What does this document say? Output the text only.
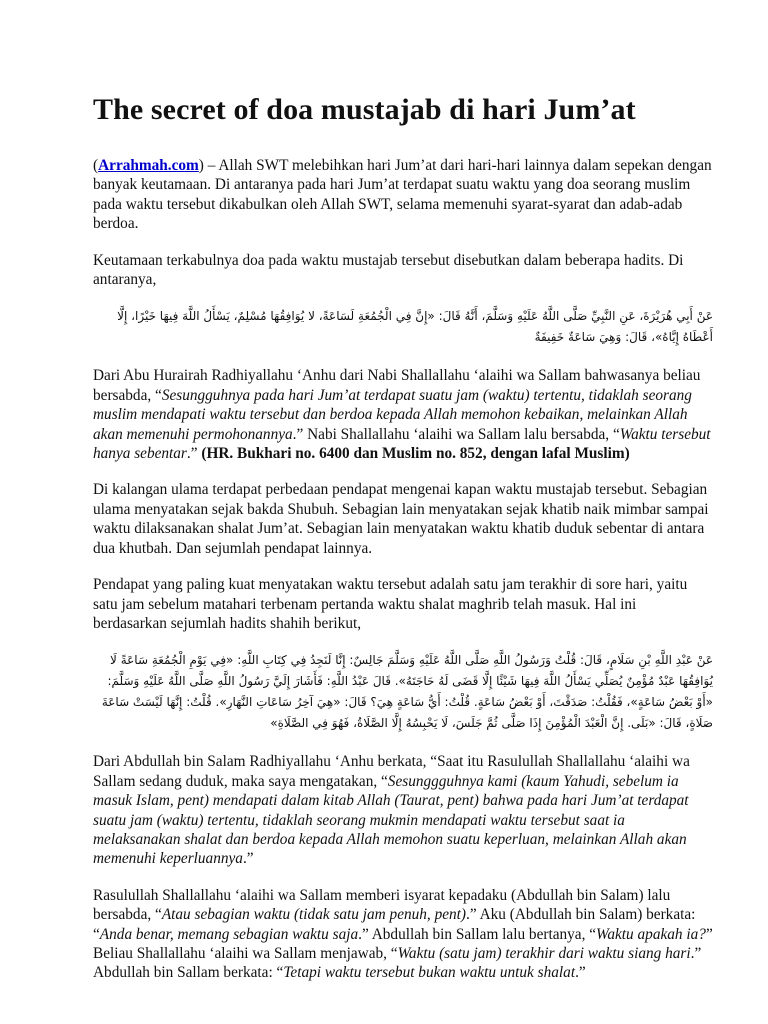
The secret of doa mustajab di hari Jum’at

(Arrahmah.com) – Allah SWT melebihkan hari Jum’at dari hari-hari lainnya dalam sepekan dengan banyak keutamaan. Di antaranya pada hari Jum’at terdapat suatu waktu yang doa seorang muslim pada waktu tersebut dikabulkan oleh Allah SWT, selama memenuhi syarat-syarat dan adab-adab berdoa.

Keutamaan terkabulnya doa pada waktu mustajab tersebut disebutkan dalam beberapa hadits. Di antaranya,

عَنْ أَبِي هُرَيْرَةَ، عَنِ النَّبِيِّ صَلَّى اللَّهُ عَلَيْهِ وَسَلَّمَ، أَنَّهُ قَالَ: «إِنَّ فِي الْجُمُعَةِ لَسَاعَةً، لا يُوَافِقُهَا مُسْلِمٌ، يَسْأَلُ اللَّهَ فِيهَا خَيْرًا، إِلَّا أَعْطَاهُ إِيَّاهُ»، قَالَ: وَهِيَ سَاعَةٌ خَفِيفَةٌ

Dari Abu Hurairah Radhiyallahu ‘Anhu dari Nabi Shallallahu ‘alaihi wa Sallam bahwasanya beliau bersabda, “Sesungguhnya pada hari Jum’at terdapat suatu jam (waktu) tertentu, tidaklah seorang muslim mendapati waktu tersebut dan berdoa kepada Allah memohon kebaikan, melainkan Allah akan memenuhi permohonannya.” Nabi Shallallahu ‘alaihi wa Sallam lalu bersabda, “Waktu tersebut hanya sebentar.” (HR. Bukhari no. 6400 dan Muslim no. 852, dengan lafal Muslim)

Di kalangan ulama terdapat perbedaan pendapat mengenai kapan waktu mustajab tersebut. Sebagian ulama menyatakan sejak bakda Shubuh. Sebagian lain menyatakan sejak khatib naik mimbar sampai waktu dilaksanakan shalat Jum’at. Sebagian lain menyatakan waktu khatib duduk sebentar di antara dua khutbah. Dan sejumlah pendapat lainnya.

Pendapat yang paling kuat menyatakan waktu tersebut adalah satu jam terakhir di sore hari, yaitu satu jam sebelum matahari terbenam pertanda waktu shalat maghrib telah masuk. Hal ini berdasarkan sejumlah hadits shahih berikut,

عَنْ عَبْدِ اللَّهِ بْنِ سَلَامٍ، قَالَ: قُلْتُ وَرَسُولُ اللَّهِ صَلَّى اللَّهُ عَلَيْهِ وَسَلَّمَ جَالِسٌ: إِنَّا لَنَجِدُ فِي كِتَابِ اللَّهِ: «فِي يَوْمِ الْجُمُعَةِ سَاعَةً لَا يُوَافِقُهَا عَبْدٌ مُؤْمِنٌ يُصَلِّي يَسْأَلُ اللَّهَ فِيهَا شَيْئًا إِلَّا قَضَى لَهُ حَاجَتَهُ». قَالَ عَبْدُ اللَّهِ: فَأَشَارَ إِلَيَّ رَسُولُ اللَّهِ صَلَّى اللَّهُ عَلَيْهِ وَسَلَّمَ: «أَوْ بَعْضُ سَاعَةٍ»، فَقُلْتُ: صَدَقْتَ، أَوْ بَعْضُ سَاعَةٍ. قُلْتُ: أَيُّ سَاعَةٍ هِيَ؟ قَالَ: «هِيَ آخِرُ سَاعَاتِ النَّهَارِ». قُلْتُ: إِنَّهَا لَيْسَتْ سَاعَةَ صَلَاةٍ، قَالَ: «بَلَى. إِنَّ الْعَبْدَ الْمُؤْمِنَ إِذَا صَلَّى ثُمَّ جَلَسَ، لَا يَحْبِسُهُ إِلَّا الصَّلَاةُ، فَهُوَ فِي الصَّلَاةِ»

Dari Abdullah bin Salam Radhiyallahu ‘Anhu berkata, “Saat itu Rasulullah Shallallahu ‘alaihi wa Sallam sedang duduk, maka saya mengatakan, “Sesunggguhnya kami (kaum Yahudi, sebelum ia masuk Islam, pent) mendapati dalam kitab Allah (Taurat, pent) bahwa pada hari Jum’at terdapat suatu jam (waktu) tertentu, tidaklah seorang mukmin mendapati waktu tersebut saat ia melaksanakan shalat dan berdoa kepada Allah memohon suatu keperluan, melainkan Allah akan memenuhi keperluannya.”

Rasulullah Shallallahu ‘alaihi wa Sallam memberi isyarat kepadaku (Abdullah bin Salam) lalu bersabda, “Atau sebagian waktu (tidak satu jam penuh, pent).” Aku (Abdullah bin Salam) berkata: “Anda benar, memang sebagian waktu saja.” Abdullah bin Sallam lalu bertanya, “Waktu apakah ia?” Beliau Shallallahu ‘alaihi wa Sallam menjawab, “Waktu (satu jam) terakhir dari waktu siang hari.” Abdullah bin Sallam berkata: “Tetapi waktu tersebut bukan waktu untuk shalat.”
